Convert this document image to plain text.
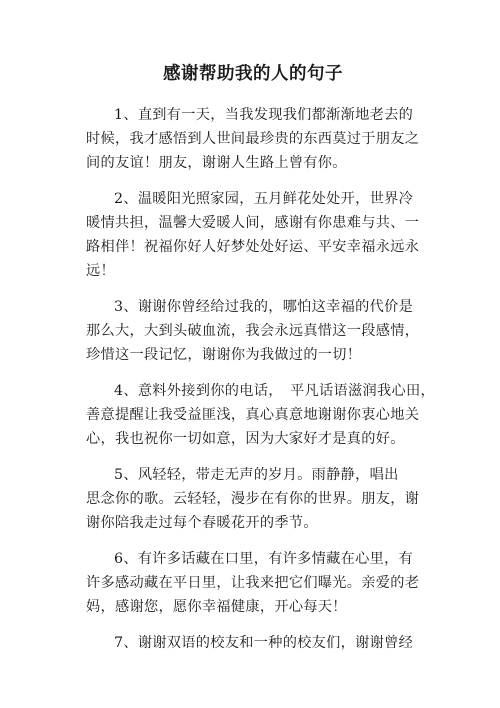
感谢帮助我的人的句子
1、直到有一天，当我发现我们都渐渐地老去的
时候，我才感悟到人世间最珍贵的东西莫过于朋友之
间的友谊！朋友，谢谢人生路上曾有你。
2、温暖阳光照家园，五月鲜花处处开，世界冷
暖情共担，温馨大爱暖人间，感谢有你患难与共、一
路相伴！祝福你好人好梦处处好运、平安幸福永远永
远！
3、谢谢你曾经给过我的，哪怕这幸福的代价是
那么大，大到头破血流，我会永远真惜这一段感情，
珍惜这一段记忆，谢谢你为我做过的一切！
4、意料外接到你的电话，　平凡话语滋润我心田，
善意提醒让我受益匪浅，真心真意地谢谢你衷心地关
心，我也祝你一切如意，因为大家好才是真的好。
5、风轻轻，带走无声的岁月。雨静静，唱出
思念你的歌。云轻轻，漫步在有你的世界。朋友，谢
谢你陪我走过每个春暖花开的季节。
6、有许多话藏在口里，有许多情藏在心里，有
许多感动藏在平日里，让我来把它们曝光。亲爱的老
妈，感谢您，愿你幸福健康，开心每天！
7、谢谢双语的校友和一种的校友们，谢谢曾经
